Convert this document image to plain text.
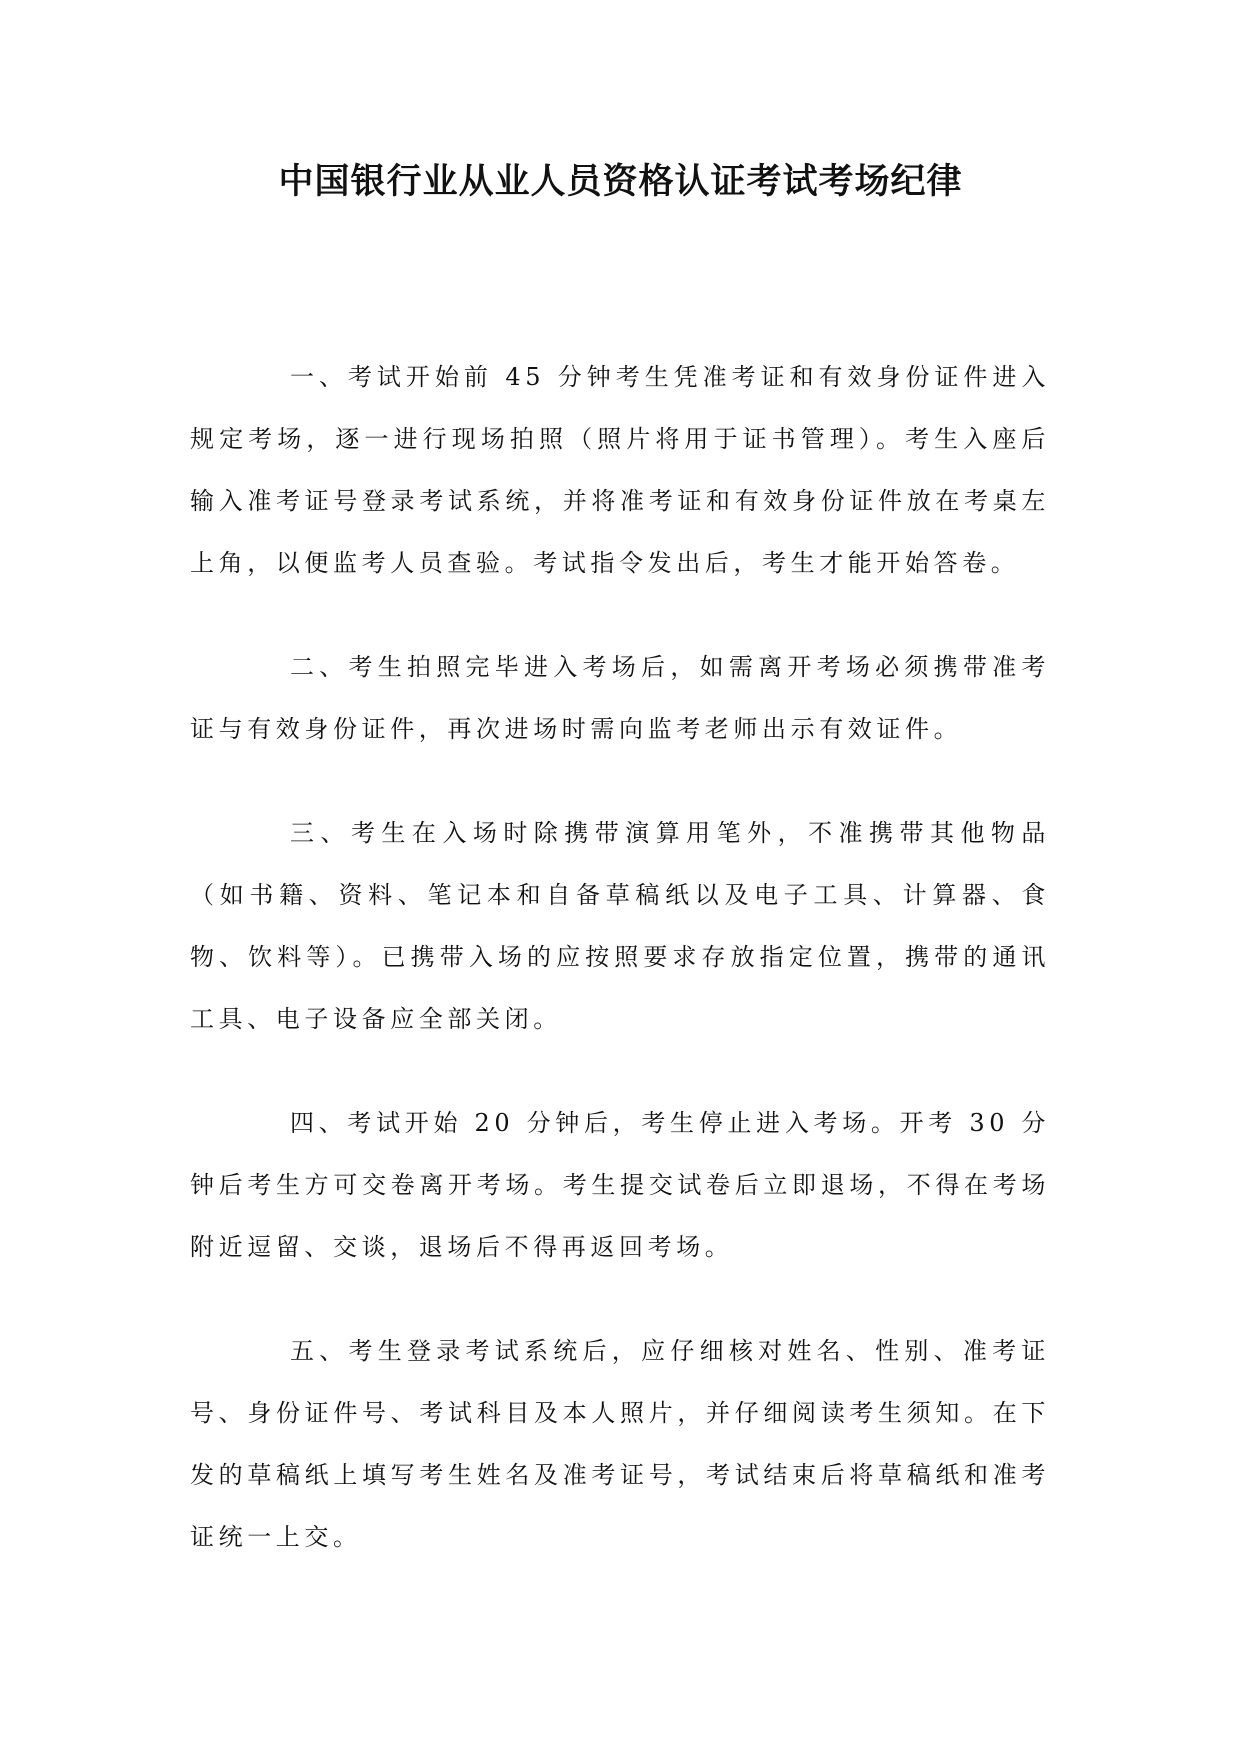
中国银行业从业人员资格认证考试考场纪律

一、考试开始前 45 分钟考生凭准考证和有效身份证件进入规定考场，逐一进行现场拍照（照片将用于证书管理）。考生入座后输入准考证号登录考试系统，并将准考证和有效身份证件放在考桌左上角，以便监考人员查验。考试指令发出后，考生才能开始答卷。

二、考生拍照完毕进入考场后，如需离开考场必须携带准考证与有效身份证件，再次进场时需向监考老师出示有效证件。

三、考生在入场时除携带演算用笔外，不准携带其他物品（如书籍、资料、笔记本和自备草稿纸以及电子工具、计算器、食物、饮料等）。已携带入场的应按照要求存放指定位置，携带的通讯工具、电子设备应全部关闭。

四、考试开始 20 分钟后，考生停止进入考场。开考 30 分钟后考生方可交卷离开考场。考生提交试卷后立即退场，不得在考场附近逗留、交谈，退场后不得再返回考场。

五、考生登录考试系统后，应仔细核对姓名、性别、准考证号、身份证件号、考试科目及本人照片，并仔细阅读考生须知。在下发的草稿纸上填写考生姓名及准考证号，考试结束后将草稿纸和准考证统一上交。
